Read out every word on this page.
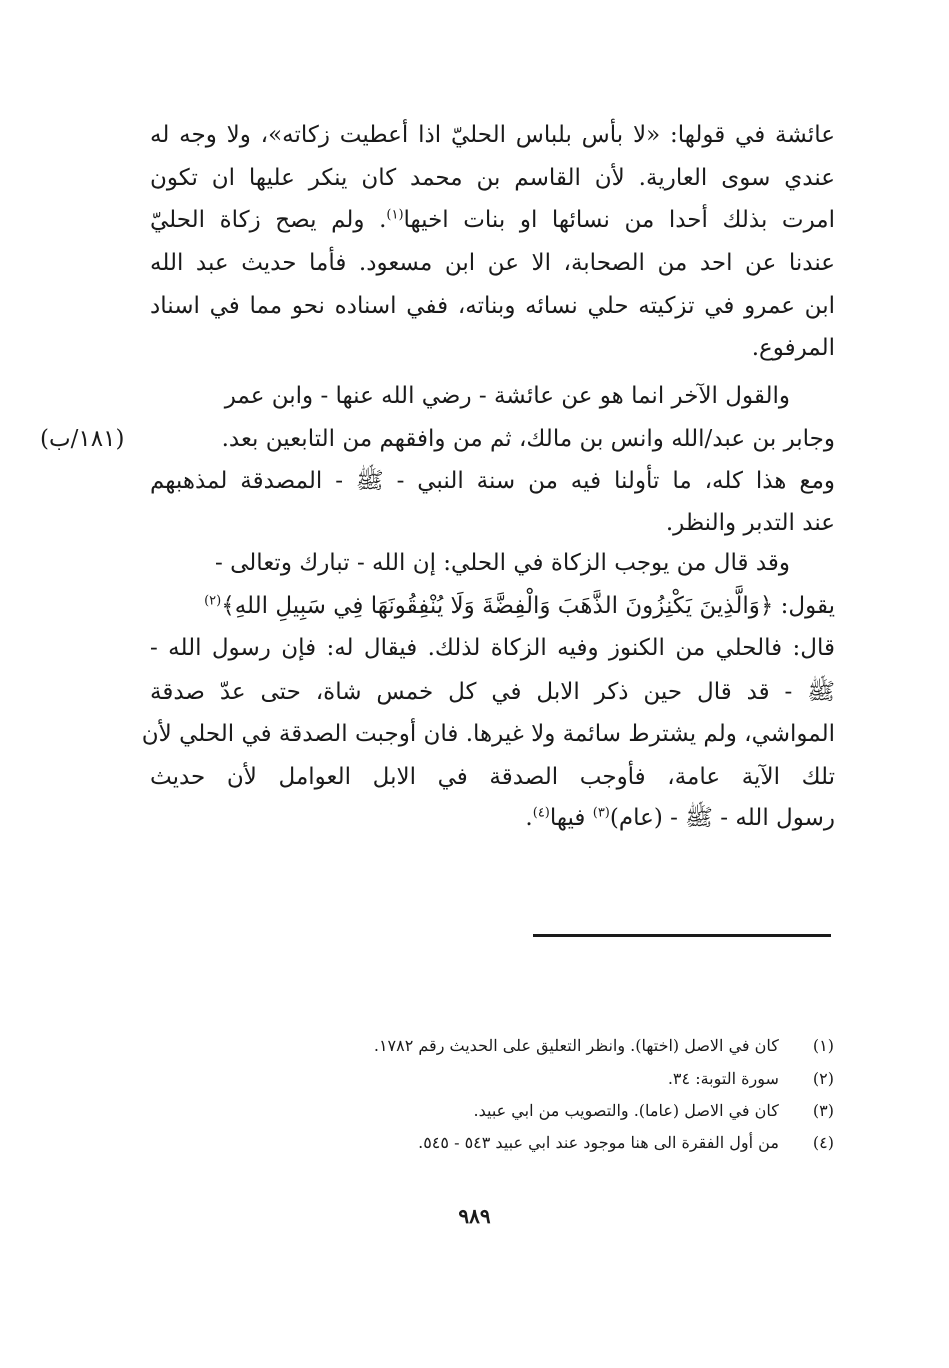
عائشة في قولها: «لا بأس بلباس الحليّ اذا أعطيت زكاته»، ولا وجه له
عندي سوى العارية. لأن القاسم بن محمد كان ينكر عليها ان تكون
امرت بذلك أحدا من نسائها او بنات اخيها$^{(١)}$. ولم يصح زكاة الحليّ
عندنا عن احد من الصحابة، الا عن ابن مسعود. فأما حديث عبد الله
ابن عمرو في تزكيته حلي نسائه وبناته، ففي اسناده نحو مما في اسناد
المرفوع.
والقول الآخر انما هو عن عائشة - رضي الله عنها - وابن عمر
وجابر بن عبد/الله وانس بن مالك، ثم من وافقهم من التابعين بعد.
ومع هذا كله، ما تأولنا فيه من سنة النبي - ﷺ - المصدقة لمذهبهم
عند التدبر والنظر.
وقد قال من يوجب الزكاة في الحلي: إن الله - تبارك وتعالى -
يقول: ﴿وَالَّذِينَ يَكْنِزُونَ الذَّهَبَ وَالْفِضَّةَ وَلَا يُنْفِقُونَهَا فِي سَبِيلِ اللهِ﴾$^{(٢)}$
قال: فالحلي من الكنوز وفيه الزكاة لذلك. فيقال له: فإن رسول الله -
ﷺ - قد قال حين ذكر الابل في كل خمس شاة، حتى عدّ صدقة
المواشي، ولم يشترط سائمة ولا غيرها. فان أوجبت الصدقة في الحلي لأن
تلك الآية عامة، فأوجب الصدقة في الابل العوامل لأن حديث
رسول الله - ﷺ - (عام)$^{(٣)}$ فيها$^{(٤)}$.
(١٨١/ب)
(١) كان في الاصل (اختها). وانظر التعليق على الحديث رقم ١٧٨٢.
(٢) سورة التوبة: ٣٤.
(٣) كان في الاصل (عاما). والتصويب من ابي عبيد.
(٤) من أول الفقرة الى هنا موجود عند ابي عبيد ٥٤٣ - ٥٤٥.
٩٨٩
